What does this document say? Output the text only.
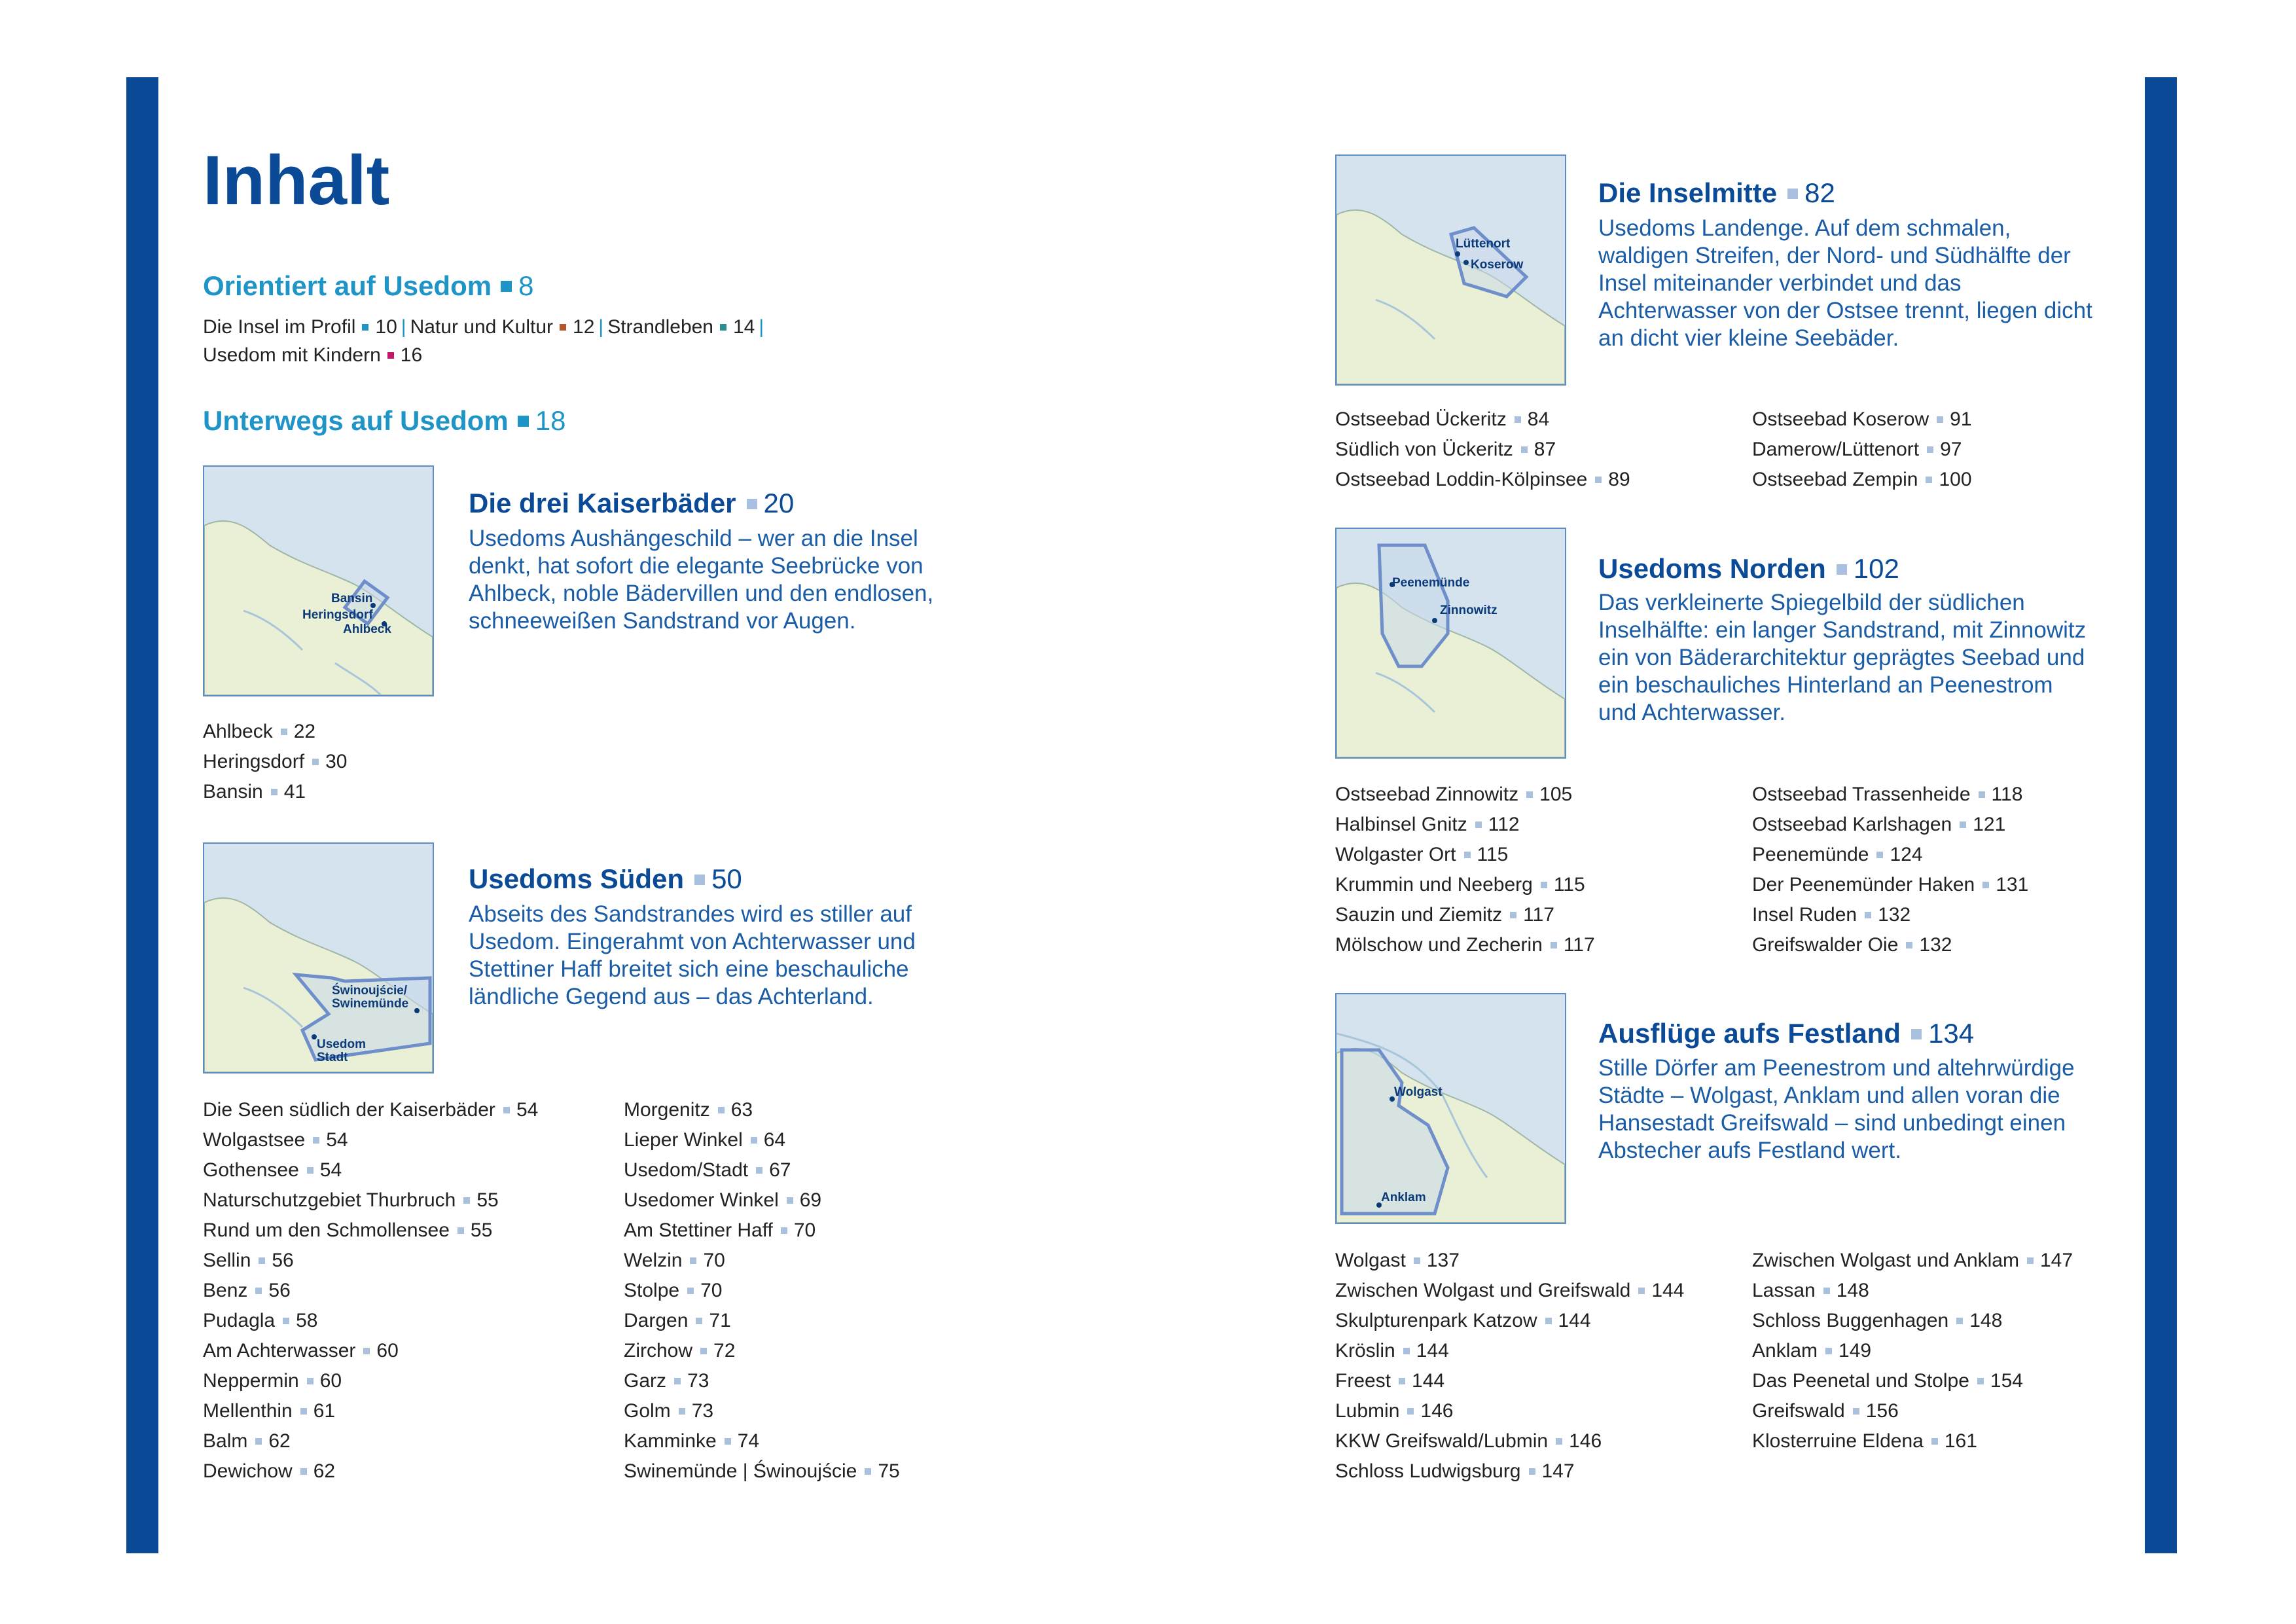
Inhalt
Orientiert auf Usedom 8
Die Insel im Profil 10 | Natur und Kultur 12 | Strandleben 14 |
Usedom mit Kindern 16
Unterwegs auf Usedom 18
Bansin
Heringsdorf
Ahlbeck
Die drei Kaiserbäder 20
Usedoms Aushängeschild – wer an die Insel denkt, hat sofort die elegante Seebrücke von Ahlbeck, noble Bädervillen und den endlosen, schneeweißen Sandstrand vor Augen.
Ahlbeck 22
Heringsdorf 30
Bansin 41
Świnoujście/
Swinemünde
Usedom
Stadt
Usedoms Süden 50
Abseits des Sandstrandes wird es stiller auf Usedom. Eingerahmt von Achterwasser und Stettiner Haff breitet sich eine beschauliche ländliche Gegend aus – das Achterland.
Die Seen südlich der Kaiserbäder 54
Wolgastsee 54
Gothensee 54
Naturschutzgebiet Thurbruch 55
Rund um den Schmollensee 55
Sellin 56
Benz 56
Pudagla 58
Am Achterwasser 60
Neppermin 60
Mellenthin 61
Balm 62
Dewichow 62
Morgenitz 63
Lieper Winkel 64
Usedom/Stadt 67
Usedomer Winkel 69
Am Stettiner Haff 70
Welzin 70
Stolpe 70
Dargen 71
Zirchow 72
Garz 73
Golm 73
Kamminke 74
Swinemünde | Świnoujście 75
Lüttenort
Koserow
Die Inselmitte 82
Usedoms Landenge. Auf dem schmalen, waldigen Streifen, der Nord- und Südhälfte der Insel miteinander verbindet und das Achterwasser von der Ostsee trennt, liegen dicht an dicht vier kleine Seebäder.
Ostseebad Ückeritz 84
Südlich von Ückeritz 87
Ostseebad Loddin-Kölpinsee 89
Ostseebad Koserow 91
Damerow/Lüttenort 97
Ostseebad Zempin 100
Peenemünde
Zinnowitz
Usedoms Norden 102
Das verkleinerte Spiegelbild der südlichen Inselhälfte: ein langer Sandstrand, mit Zinnowitz ein von Bäderarchitektur geprägtes Seebad und ein beschauliches Hinterland an Peenestrom und Achterwasser.
Ostseebad Zinnowitz 105
Halbinsel Gnitz 112
Wolgaster Ort 115
Krummin und Neeberg 115
Sauzin und Ziemitz 117
Mölschow und Zecherin 117
Ostseebad Trassenheide 118
Ostseebad Karlshagen 121
Peenemünde 124
Der Peenemünder Haken 131
Insel Ruden 132
Greifswalder Oie 132
Wolgast
Anklam
Ausflüge aufs Festland 134
Stille Dörfer am Peenestrom und altehrwürdige Städte – Wolgast, Anklam und allen voran die Hansestadt Greifswald – sind unbedingt einen Abstecher aufs Festland wert.
Wolgast 137
Zwischen Wolgast und Greifswald 144
Skulpturenpark Katzow 144
Kröslin 144
Freest 144
Lubmin 146
KKW Greifswald/Lubmin 146
Schloss Ludwigsburg 147
Zwischen Wolgast und Anklam 147
Lassan 148
Schloss Buggenhagen 148
Anklam 149
Das Peenetal und Stolpe 154
Greifswald 156
Klosterruine Eldena 161
